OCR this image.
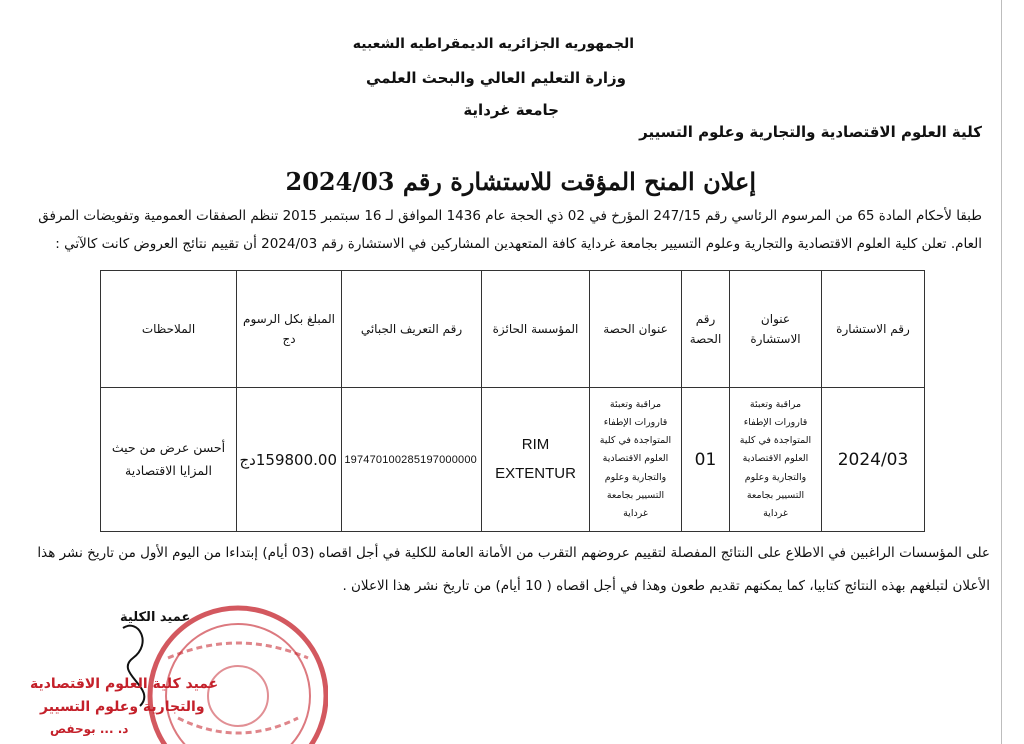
الجمهوريه الجزائريه الديمقراطيه الشعبيه
وزارة التعليم العالي والبحث العلمي
جامعة غرداية
كلية العلوم الاقتصادية والتجارية وعلوم التسيير
إعلان المنح المؤقت للاستشارة رقم 2024/03
طبقا لأحكام المادة 65 من المرسوم الرئاسي رقم 247/15 المؤرخ في 02 ذي الحجة عام 1436 الموافق لـ 16 سبتمبر 2015 تنظم الصفقات العمومية وتفويضات المرفق
العام. تعلن كلية العلوم الاقتصادية والتجارية وعلوم التسيير بجامعة غرداية كافة المتعهدين المشاركين في الاستشارة رقم 2024/03 أن تقييم نتائج العروض كانت كالآتي :
رقم الاستشارة	عنوان الاستشارة	رقم الحصة	عنوان الحصة	المؤسسة الحائزة	رقم التعريف الجبائي	المبلغ بكل الرسوم دج	الملاحظات
2024/03	مراقبة وتعبئة قارورات الإطفاء المتواجدة في كلية العلوم الاقتصادية والتجارية وعلوم التسيير بجامعة غرداية	01	مراقبة وتعبئة قارورات الإطفاء المتواجدة في كلية العلوم الاقتصادية والتجارية وعلوم التسيير بجامعة غرداية	RIM EXTENTUR	197470100285197000000	159800.00دج	أحسن عرض من حيث المزايا الاقتصادية
على المؤسسات الراغبين في الاطلاع على النتائج المفصلة لتقييم عروضهم التقرب من الأمانة العامة للكلية في أجل اقصاه (03 أيام) إبتداءا من اليوم الأول من تاريخ نشر هذا
الأعلان لتبلغهم بهذه النتائج كتابيا، كما يمكنهم تقديم طعون وهذا في أجل اقصاه ( 10 أيام) من تاريخ نشر هذا الاعلان .
عميد الكلية
عميد كلية العلوم الاقتصادية
والتجارية وعلوم التسيير
د. ... بوحفص
